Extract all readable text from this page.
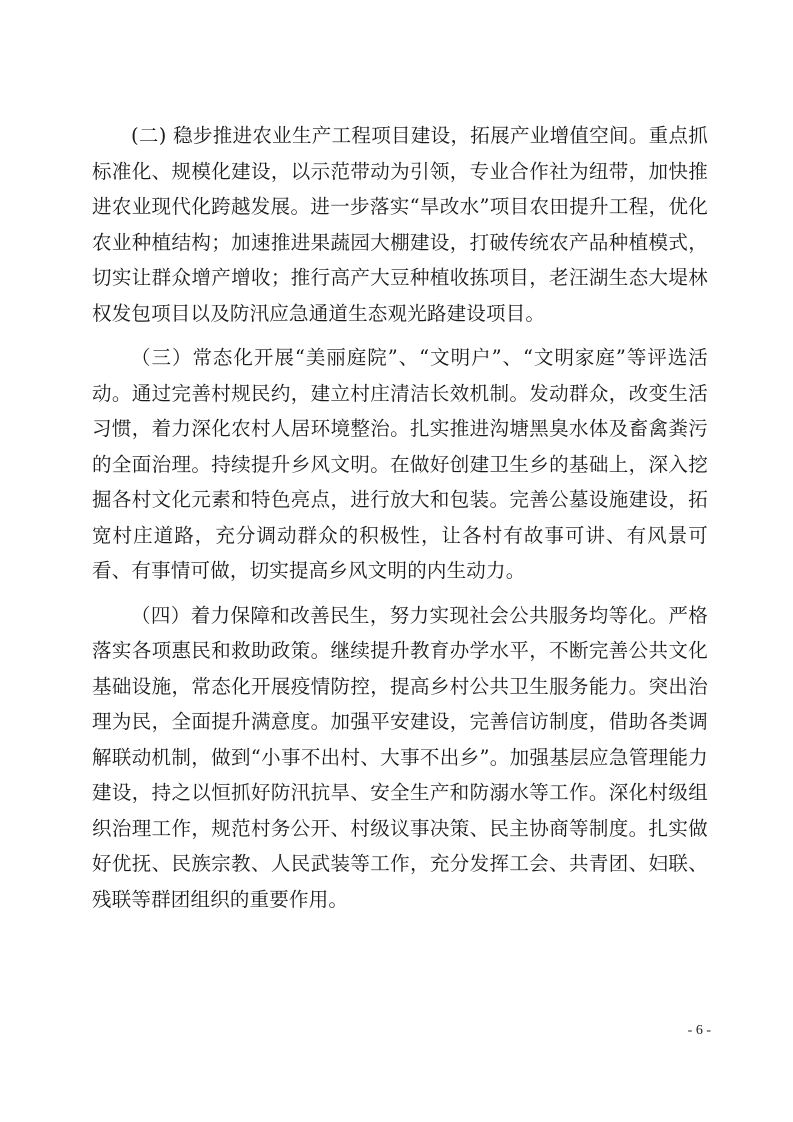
(二) 稳步推进农业生产工程项目建设，拓展产业增值空间。重点抓标准化、规模化建设，以示范带动为引领，专业合作社为纽带，加快推进农业现代化跨越发展。进一步落实“旱改水”项目农田提升工程，优化农业种植结构；加速推进果蔬园大棚建设，打破传统农产品种植模式，切实让群众增产增收；推行高产大豆种植收拣项目，老汪湖生态大堤林权发包项目以及防汛应急通道生态观光路建设项目。

（三）常态化开展“美丽庭院”、“文明户”、“文明家庭”等评选活动。通过完善村规民约，建立村庄清洁长效机制。发动群众，改变生活习惯，着力深化农村人居环境整治。扎实推进沟塘黑臭水体及畜禽粪污的全面治理。持续提升乡风文明。在做好创建卫生乡的基础上，深入挖掘各村文化元素和特色亮点，进行放大和包装。完善公墓设施建设，拓宽村庄道路，充分调动群众的积极性，让各村有故事可讲、有风景可看、有事情可做，切实提高乡风文明的内生动力。

（四）着力保障和改善民生，努力实现社会公共服务均等化。严格落实各项惠民和救助政策。继续提升教育办学水平，不断完善公共文化基础设施，常态化开展疫情防控，提高乡村公共卫生服务能力。突出治理为民，全面提升满意度。加强平安建设，完善信访制度，借助各类调解联动机制，做到“小事不出村、大事不出乡”。加强基层应急管理能力建设，持之以恒抓好防汛抗旱、安全生产和防溺水等工作。深化村级组织治理工作，规范村务公开、村级议事决策、民主协商等制度。扎实做好优抚、民族宗教、人民武装等工作，充分发挥工会、共青团、妇联、残联等群团组织的重要作用。

- 6 -
